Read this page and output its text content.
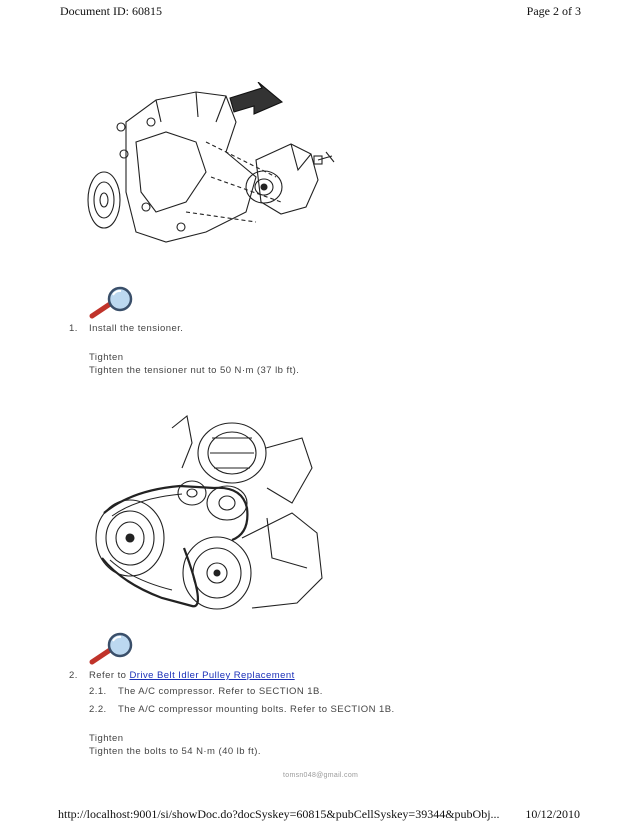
Document ID: 60815	Page 2 of 3
1. Install the tensioner.
Tighten
Tighten the tensioner nut to 50 N·m (37 lb ft).
2. Refer to Drive Belt Idler Pulley Replacement
2.1. The A/C compressor. Refer to SECTION 1B.
2.2. The A/C compressor mounting bolts. Refer to SECTION 1B.
Tighten
Tighten the bolts to 54 N·m (40 lb ft).
tomsn048@gmail.com
http://localhost:9001/si/showDoc.do?docSyskey=60815&pubCellSyskey=39344&pubObj... 10/12/2010
